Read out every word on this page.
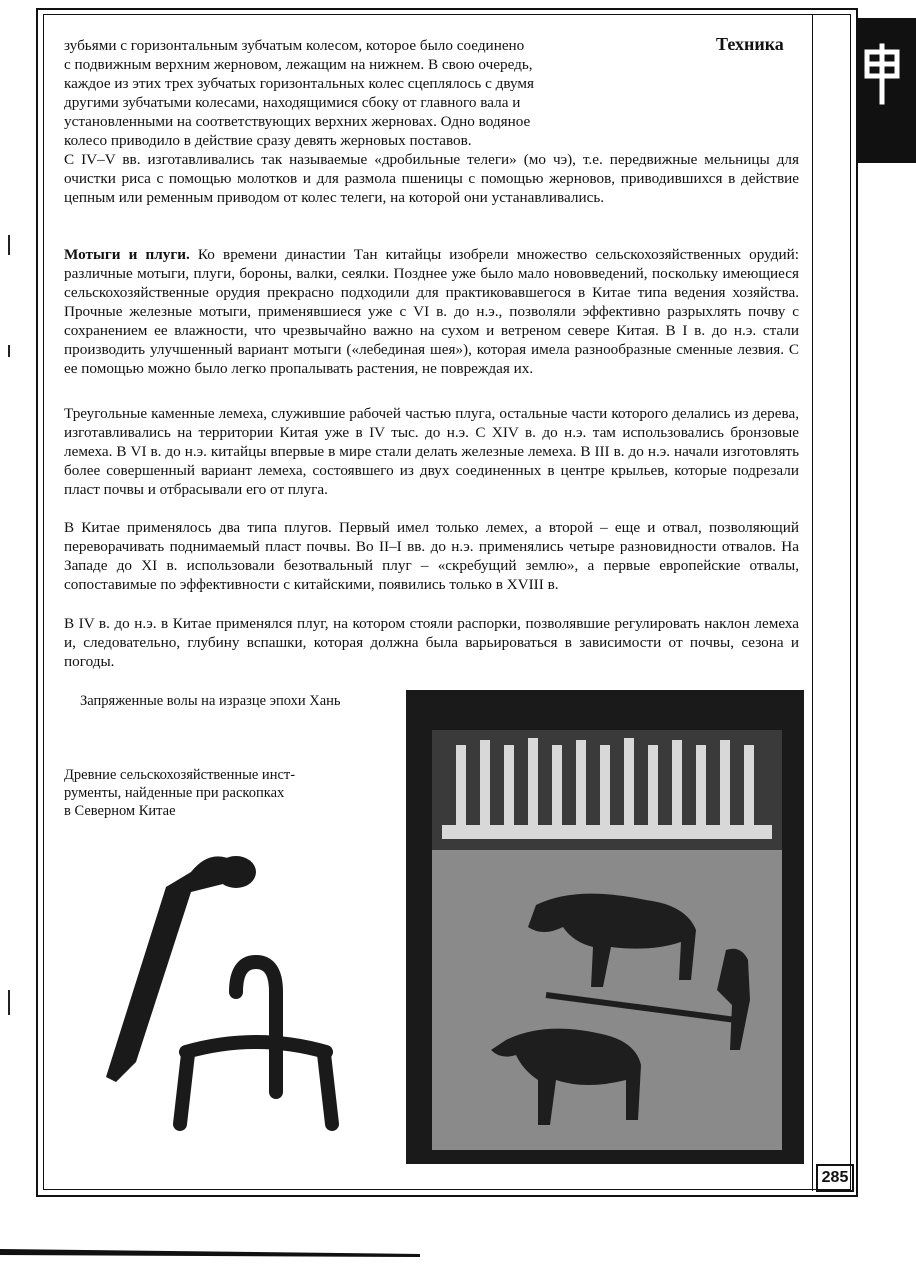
Техника
зубьями с горизонтальным зубчатым колесом, которое было соединено
с подвижным верхним жерновом, лежащим на нижнем. В свою очередь,
каждое из этих трех зубчатых горизонтальных колес сцеплялось с двумя
другими зубчатыми колесами, находящимися сбоку от главного вала и
установленными на соответствующих верхних жерновах. Одно водяное
колесо приводило в действие сразу девять жерновых поставов.

С IV–V вв. изготавливались так называемые «дробильные телеги» (мо чэ), т.е. передвижные мельницы для очистки риса с помощью молотков и для размола пшеницы с помощью жерновов, приводившихся в действие цепным или ременным приводом от колес телеги, на которой они устанавливались.

Мотыги и плуги. Ко времени династии Тан китайцы изобрели множество сельскохозяйственных орудий: различные мотыги, плуги, бороны, валки, сеялки. Позднее уже было мало нововведений, поскольку имеющиеся сельскохозяйственные орудия прекрасно подходили для практиковавшегося в Китае типа ведения хозяйства. Прочные железные мотыги, применявшиеся уже с VI в. до н.э., позволяли эффективно разрыхлять почву с сохранением ее влажности, что чрезвычайно важно на сухом и ветреном севере Китая. В I в. до н.э. стали производить улучшенный вариант мотыги («лебединая шея»), которая имела разнообразные сменные лезвия. С ее помощью можно было легко пропалывать растения, не повреждая их.

Треугольные каменные лемеха, служившие рабочей частью плуга, остальные части которого делались из дерева, изготавливались на территории Китая уже в IV тыс. до н.э. С XIV в. до н.э. там использовались бронзовые лемеха. В VI в. до н.э. китайцы впервые в мире стали делать железные лемеха. В III в. до н.э. начали изготовлять более совершенный вариант лемеха, состоявшего из двух соединенных в центре крыльев, которые подрезали пласт почвы и отбрасывали его от плуга.

В Китае применялось два типа плугов. Первый имел только лемех, а второй – еще и отвал, позволяющий переворачивать поднимаемый пласт почвы. Во II–I вв. до н.э. применялись четыре разновидности отвалов. На Западе до XI в. использовали безотвальный плуг – «скребущий землю», а первые европейские отвалы, сопоставимые по эффективности с китайскими, появились только в XVIII в.

В IV в. до н.э. в Китае применялся плуг, на котором стояли распорки, позволявшие регулировать наклон лемеха и, следовательно, глубину вспашки, которая должна была варьироваться в зависимости от почвы, сезона и погоды.

Запряженные волы на изразце эпохи Хань
Древние сельскохозяйственные инст-
рументы, найденные при раскопках
в Северном Китае
285
